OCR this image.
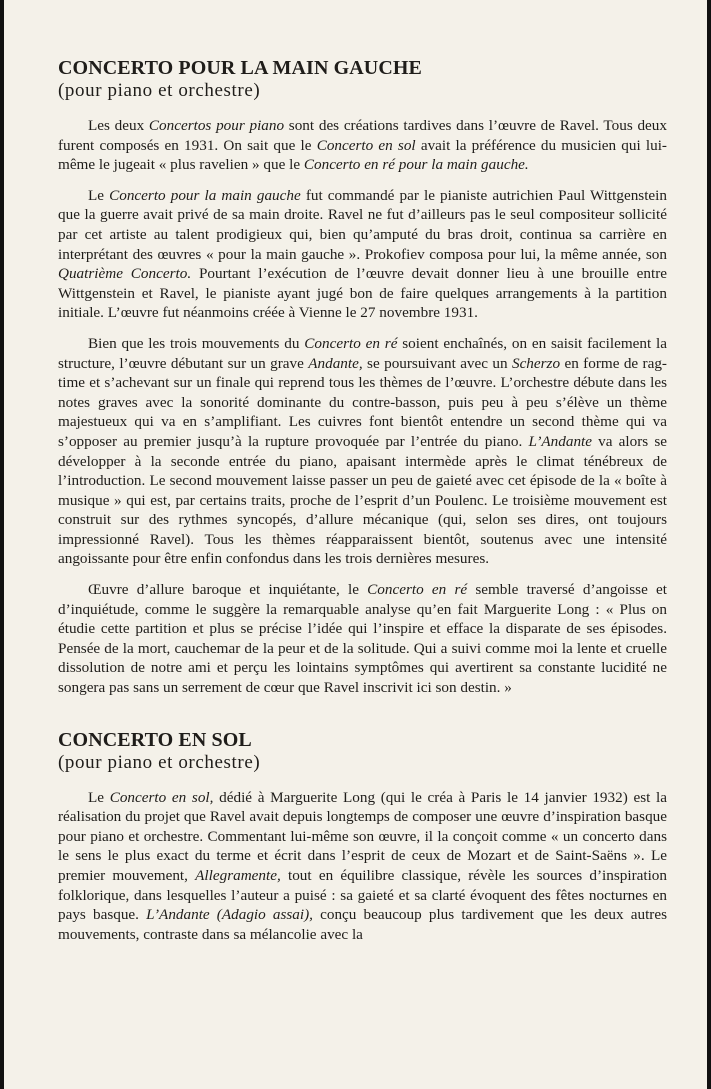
CONCERTO POUR LA MAIN GAUCHE
(pour piano et orchestre)

Les deux Concertos pour piano sont des créations tardives dans l’œuvre de Ravel. Tous deux furent composés en 1931. On sait que le Concerto en sol avait la préférence du musicien qui lui-même le jugeait « plus ravelien » que le Concerto en ré pour la main gauche.

Le Concerto pour la main gauche fut commandé par le pianiste autrichien Paul Wittgenstein que la guerre avait privé de sa main droite. Ravel ne fut d’ailleurs pas le seul compositeur sollicité par cet artiste au talent prodigieux qui, bien qu’amputé du bras droit, continua sa carrière en interprétant des œuvres « pour la main gauche ». Prokofiev composa pour lui, la même année, son Quatrième Concerto. Pourtant l’exécution de l’œuvre devait donner lieu à une brouille entre Wittgenstein et Ravel, le pianiste ayant jugé bon de faire quelques arrangements à la partition initiale. L’œuvre fut néanmoins créée à Vienne le 27 novembre 1931.

Bien que les trois mouvements du Concerto en ré soient enchaînés, on en saisit facilement la structure, l’œuvre débutant sur un grave Andante, se poursuivant avec un Scherzo en forme de rag-time et s’achevant sur un finale qui reprend tous les thèmes de l’œuvre. L’orchestre débute dans les notes graves avec la sonorité dominante du contre-basson, puis peu à peu s’élève un thème majestueux qui va en s’amplifiant. Les cuivres font bientôt entendre un second thème qui va s’opposer au premier jusqu’à la rupture provoquée par l’entrée du piano. L’Andante va alors se développer à la seconde entrée du piano, apaisant intermède après le climat ténébreux de l’introduction. Le second mouvement laisse passer un peu de gaieté avec cet épisode de la « boîte à musique » qui est, par certains traits, proche de l’esprit d’un Poulenc. Le troisième mouvement est construit sur des rythmes syncopés, d’allure mécanique (qui, selon ses dires, ont toujours impressionné Ravel). Tous les thèmes réapparaissent bientôt, soutenus avec une intensité angoissante pour être enfin confondus dans les trois dernières mesures.

Œuvre d’allure baroque et inquiétante, le Concerto en ré semble traversé d’angoisse et d’inquiétude, comme le suggère la remarquable analyse qu’en fait Marguerite Long : « Plus on étudie cette partition et plus se précise l’idée qui l’inspire et efface la disparate de ses épisodes. Pensée de la mort, cauchemar de la peur et de la solitude. Qui a suivi comme moi la lente et cruelle dissolution de notre ami et perçu les lointains symptômes qui avertirent sa constante lucidité ne songera pas sans un serrement de cœur que Ravel inscrivit ici son destin. »

CONCERTO EN SOL
(pour piano et orchestre)

Le Concerto en sol, dédié à Marguerite Long (qui le créa à Paris le 14 janvier 1932) est la réalisation du projet que Ravel avait depuis longtemps de composer une œuvre d’inspiration basque pour piano et orchestre. Commentant lui-même son œuvre, il la conçoit comme « un concerto dans le sens le plus exact du terme et écrit dans l’esprit de ceux de Mozart et de Saint-Saëns ». Le premier mouvement, Allegramente, tout en équilibre classique, révèle les sources d’inspiration folklorique, dans lesquelles l’auteur a puisé : sa gaieté et sa clarté évoquent des fêtes nocturnes en pays basque. L’Andante (Adagio assai), conçu beaucoup plus tardivement que les deux autres mouvements, contraste dans sa mélancolie avec la
